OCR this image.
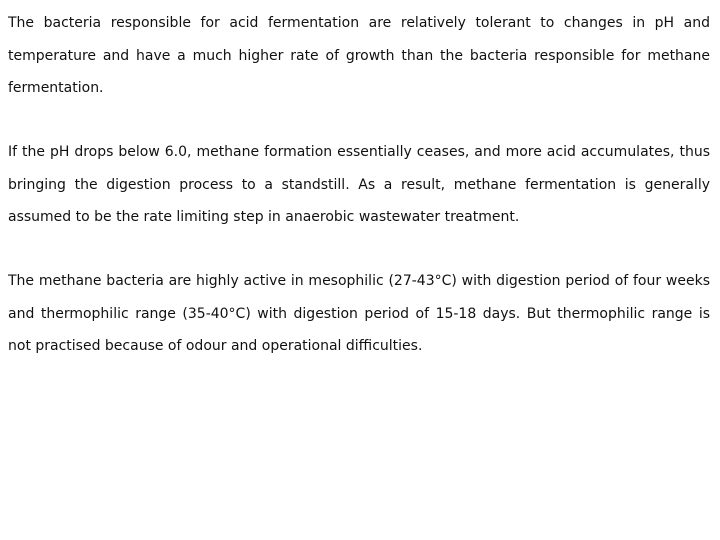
The bacteria responsible for acid fermentation are relatively tolerant to changes in pH and temperature and have a much higher rate of growth than the bacteria responsible for methane fermentation.

If the pH drops below 6.0, methane formation essentially ceases, and more acid accumulates, thus bringing the digestion process to a standstill. As a result, methane fermentation is generally assumed to be the rate limiting step in anaerobic wastewater treatment.

The methane bacteria are highly active in mesophilic (27-43°C) with digestion period of four weeks and thermophilic range (35-40°C) with digestion period of 15-18 days. But thermophilic range is not practised because of odour and operational difficulties.
